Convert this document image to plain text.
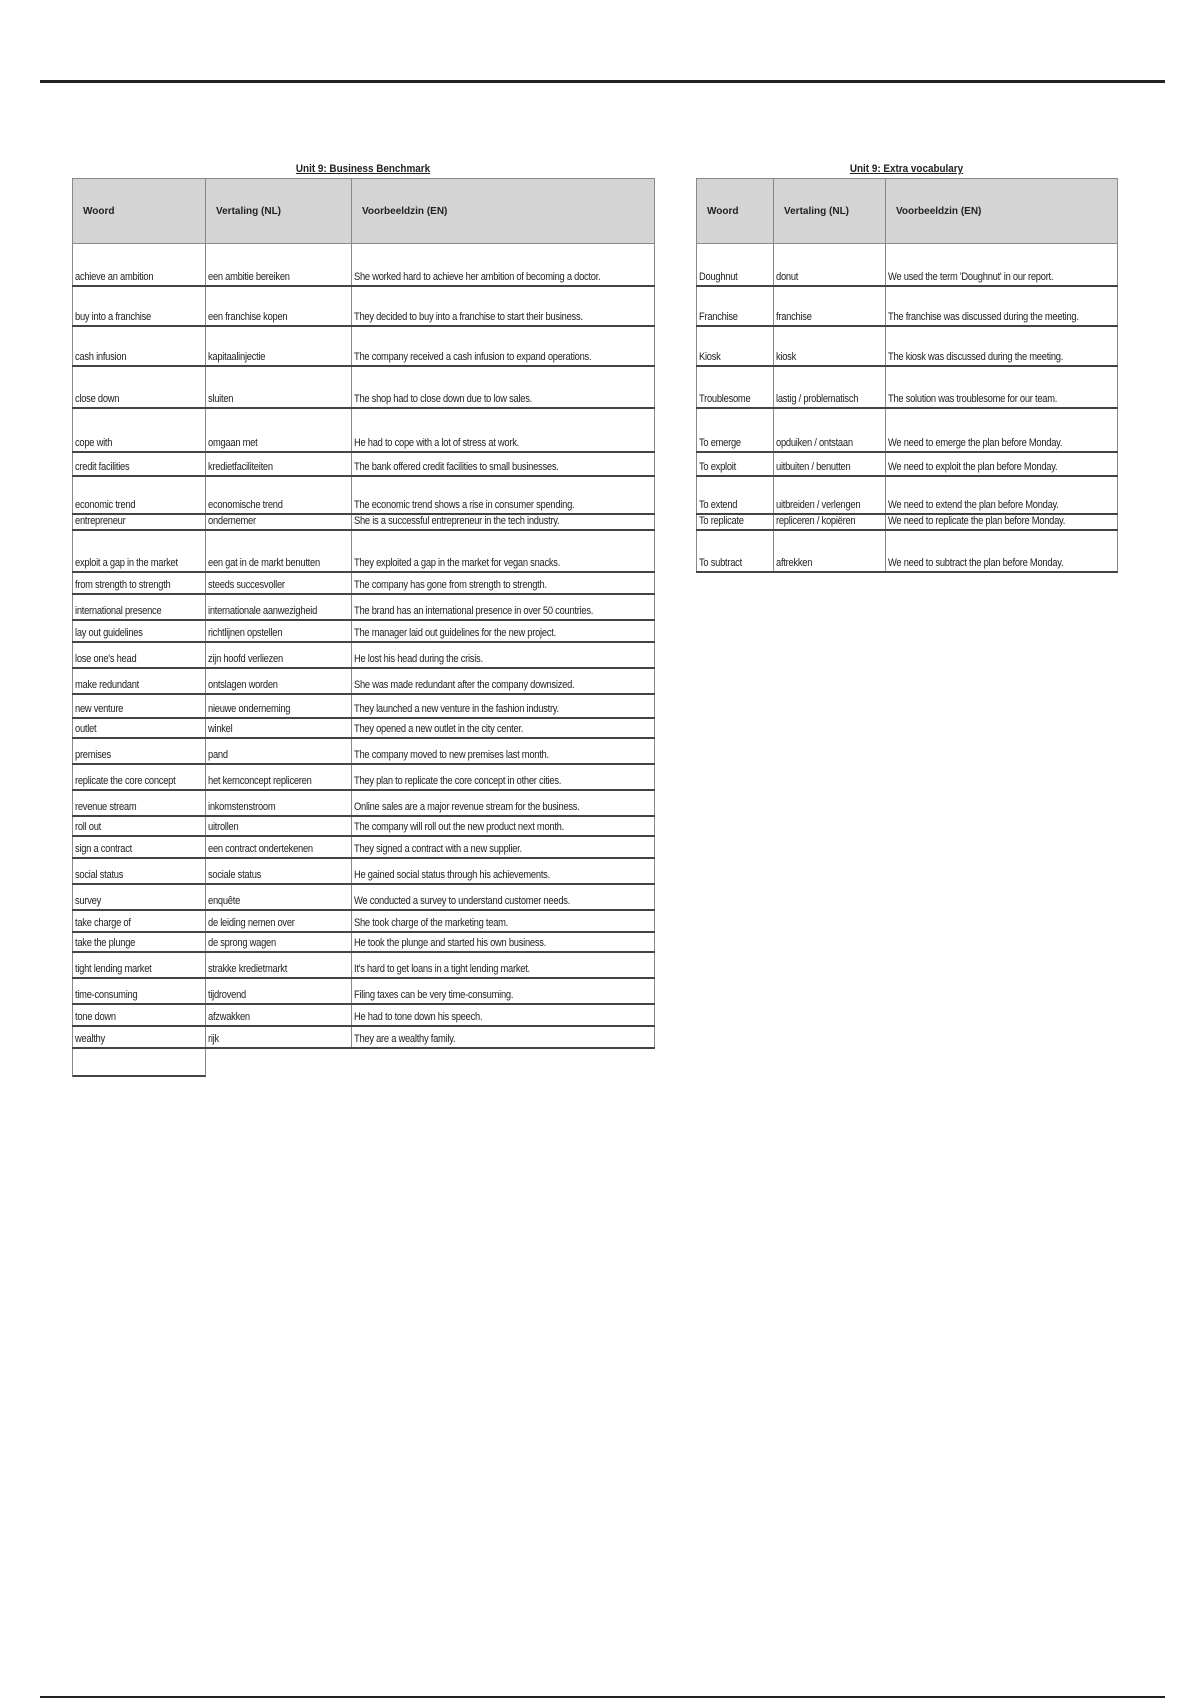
Unit 9: Business Benchmark
Woord	Vertaling (NL)	Voorbeeldzin (EN)
achieve an ambition	een ambitie bereiken	She worked hard to achieve her ambition of becoming a doctor.
buy into a franchise	een franchise kopen	They decided to buy into a franchise to start their business.
cash infusion	kapitaalinjectie	The company received a cash infusion to expand operations.
close down	sluiten	The shop had to close down due to low sales.
cope with	omgaan met	He had to cope with a lot of stress at work.
credit facilities	kredietfaciliteiten	The bank offered credit facilities to small businesses.
economic trend	economische trend	The economic trend shows a rise in consumer spending.
entrepreneur	ondernemer	She is a successful entrepreneur in the tech industry.
exploit a gap in the market	een gat in de markt benutten	They exploited a gap in the market for vegan snacks.
from strength to strength	steeds succesvoller	The company has gone from strength to strength.
international presence	internationale aanwezigheid	The brand has an international presence in over 50 countries.
lay out guidelines	richtlijnen opstellen	The manager laid out guidelines for the new project.
lose one's head	zijn hoofd verliezen	He lost his head during the crisis.
make redundant	ontslagen worden	She was made redundant after the company downsized.
new venture	nieuwe onderneming	They launched a new venture in the fashion industry.
outlet	winkel	They opened a new outlet in the city center.
premises	pand	The company moved to new premises last month.
replicate the core concept	het kernconcept repliceren	They plan to replicate the core concept in other cities.
revenue stream	inkomstenstroom	Online sales are a major revenue stream for the business.
roll out	uitrollen	The company will roll out the new product next month.
sign a contract	een contract ondertekenen	They signed a contract with a new supplier.
social status	sociale status	He gained social status through his achievements.
survey	enquête	We conducted a survey to understand customer needs.
take charge of	de leiding nemen over	She took charge of the marketing team.
take the plunge	de sprong wagen	He took the plunge and started his own business.
tight lending market	strakke kredietmarkt	It's hard to get loans in a tight lending market.
time-consuming	tijdrovend	Filing taxes can be very time-consuming.
tone down	afzwakken	He had to tone down his speech.
wealthy	rijk	They are a wealthy family.
Unit 9: Extra vocabulary
Woord	Vertaling (NL)	Voorbeeldzin (EN)
Doughnut	donut	We used the term 'Doughnut' in our report.
Franchise	franchise	The franchise was discussed during the meeting.
Kiosk	kiosk	The kiosk was discussed during the meeting.
Troublesome	lastig / problematisch	The solution was troublesome for our team.
To emerge	opduiken / ontstaan	We need to emerge the plan before Monday.
To exploit	uitbuiten / benutten	We need to exploit the plan before Monday.
To extend	uitbreiden / verlengen	We need to extend the plan before Monday.
To replicate	repliceren / kopiëren	We need to replicate the plan before Monday.
To subtract	aftrekken	We need to subtract the plan before Monday.
